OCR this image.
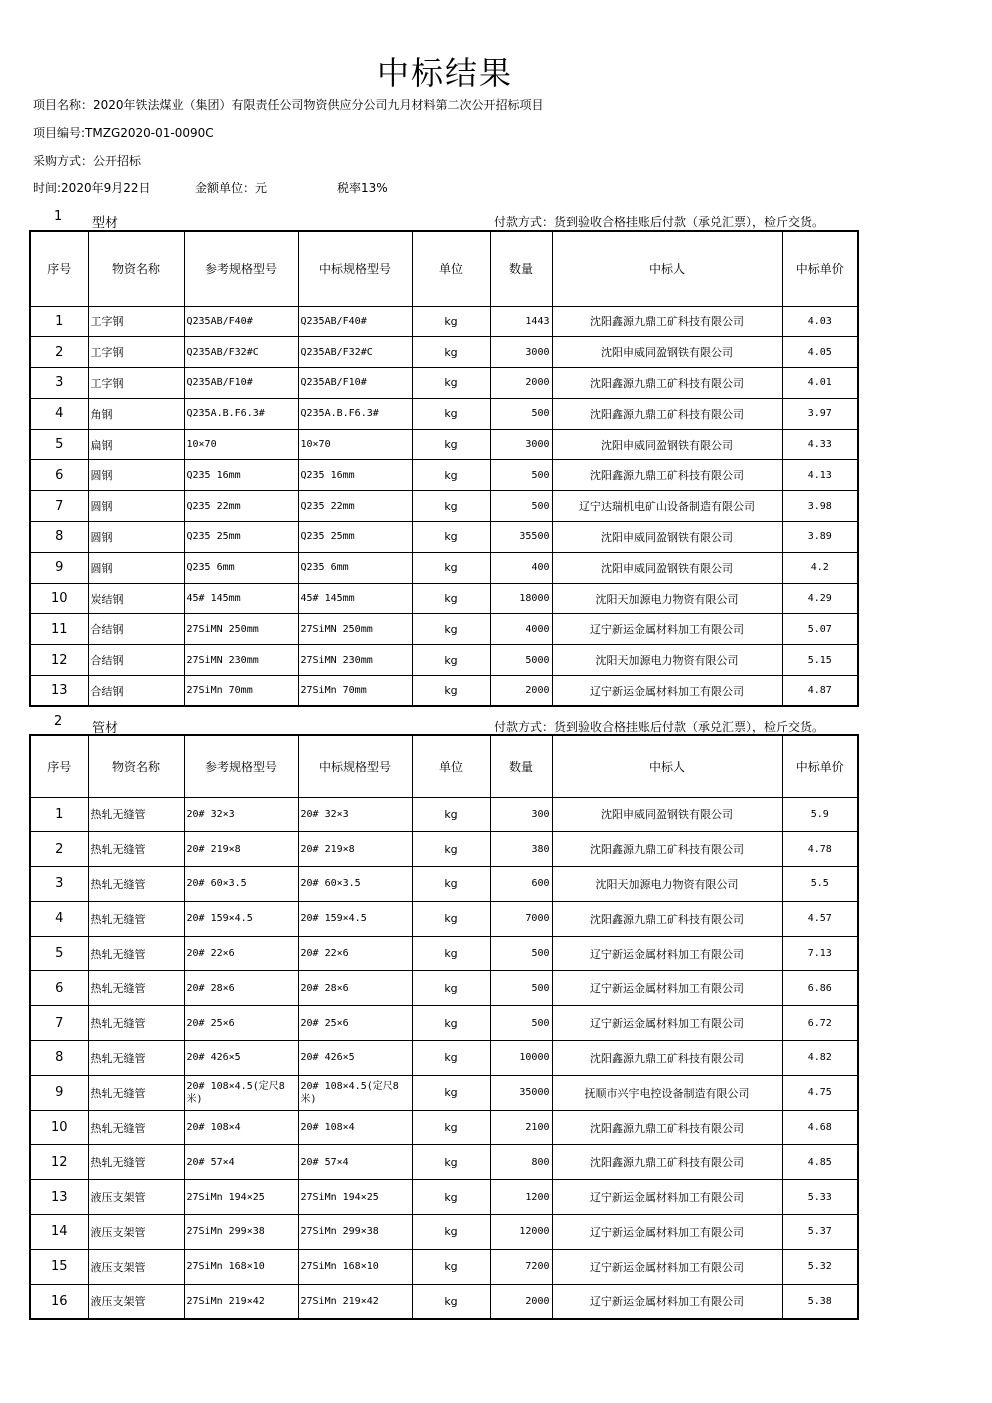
中标结果
项目名称：2020年铁法煤业（集团）有限责任公司物资供应分公司九月材料第二次公开招标项目
项目编号:TMZG2020-01-0090C
采购方式：公开招标
时间:2020年9月22日	金额单位：元	税率13%
1 型材	付款方式：货到验收合格挂账后付款（承兑汇票），检斤交货。
序号	物资名称	参考规格型号	中标规格型号	单位	数量	中标人	中标单价
1	工字钢	Q235AB/F40#	Q235AB/F40#	kg	1443	沈阳鑫源九鼎工矿科技有限公司	4.03
2	工字钢	Q235AB/F32#C	Q235AB/F32#C	kg	3000	沈阳申威同盈钢铁有限公司	4.05
3	工字钢	Q235AB/F10#	Q235AB/F10#	kg	2000	沈阳鑫源九鼎工矿科技有限公司	4.01
4	角钢	Q235A.B.F6.3#	Q235A.B.F6.3#	kg	500	沈阳鑫源九鼎工矿科技有限公司	3.97
5	扁钢	10×70	10×70	kg	3000	沈阳申威同盈钢铁有限公司	4.33
6	圆钢	Q235 16mm	Q235 16mm	kg	500	沈阳鑫源九鼎工矿科技有限公司	4.13
7	圆钢	Q235 22mm	Q235 22mm	kg	500	辽宁达瑞机电矿山设备制造有限公司	3.98
8	圆钢	Q235 25mm	Q235 25mm	kg	35500	沈阳申威同盈钢铁有限公司	3.89
9	圆钢	Q235 6mm	Q235 6mm	kg	400	沈阳申威同盈钢铁有限公司	4.2
10	炭结钢	45# 145mm	45# 145mm	kg	18000	沈阳天加源电力物资有限公司	4.29
11	合结钢	27SiMN 250mm	27SiMN 250mm	kg	4000	辽宁新运金属材料加工有限公司	5.07
12	合结钢	27SiMN 230mm	27SiMN 230mm	kg	5000	沈阳天加源电力物资有限公司	5.15
13	合结钢	27SiMn 70mm	27SiMn 70mm	kg	2000	辽宁新运金属材料加工有限公司	4.87
2 管材	付款方式：货到验收合格挂账后付款（承兑汇票），检斤交货。
序号	物资名称	参考规格型号	中标规格型号	单位	数量	中标人	中标单价
1	热轧无缝管	20# 32×3	20# 32×3	kg	300	沈阳申威同盈钢铁有限公司	5.9
2	热轧无缝管	20# 219×8	20# 219×8	kg	380	沈阳鑫源九鼎工矿科技有限公司	4.78
3	热轧无缝管	20# 60×3.5	20# 60×3.5	kg	600	沈阳天加源电力物资有限公司	5.5
4	热轧无缝管	20# 159×4.5	20# 159×4.5	kg	7000	沈阳鑫源九鼎工矿科技有限公司	4.57
5	热轧无缝管	20# 22×6	20# 22×6	kg	500	辽宁新运金属材料加工有限公司	7.13
6	热轧无缝管	20# 28×6	20# 28×6	kg	500	辽宁新运金属材料加工有限公司	6.86
7	热轧无缝管	20# 25×6	20# 25×6	kg	500	辽宁新运金属材料加工有限公司	6.72
8	热轧无缝管	20# 426×5	20# 426×5	kg	10000	沈阳鑫源九鼎工矿科技有限公司	4.82
9	热轧无缝管	20# 108×4.5(定尺8米)	20# 108×4.5(定尺8米)	kg	35000	抚顺市兴宇电控设备制造有限公司	4.75
10	热轧无缝管	20# 108×4	20# 108×4	kg	2100	沈阳鑫源九鼎工矿科技有限公司	4.68
12	热轧无缝管	20# 57×4	20# 57×4	kg	800	沈阳鑫源九鼎工矿科技有限公司	4.85
13	液压支架管	27SiMn 194×25	27SiMn 194×25	kg	1200	辽宁新运金属材料加工有限公司	5.33
14	液压支架管	27SiMn 299×38	27SiMn 299×38	kg	12000	辽宁新运金属材料加工有限公司	5.37
15	液压支架管	27SiMn 168×10	27SiMn 168×10	kg	7200	辽宁新运金属材料加工有限公司	5.32
16	液压支架管	27SiMn 219×42	27SiMn 219×42	kg	2000	辽宁新运金属材料加工有限公司	5.38
